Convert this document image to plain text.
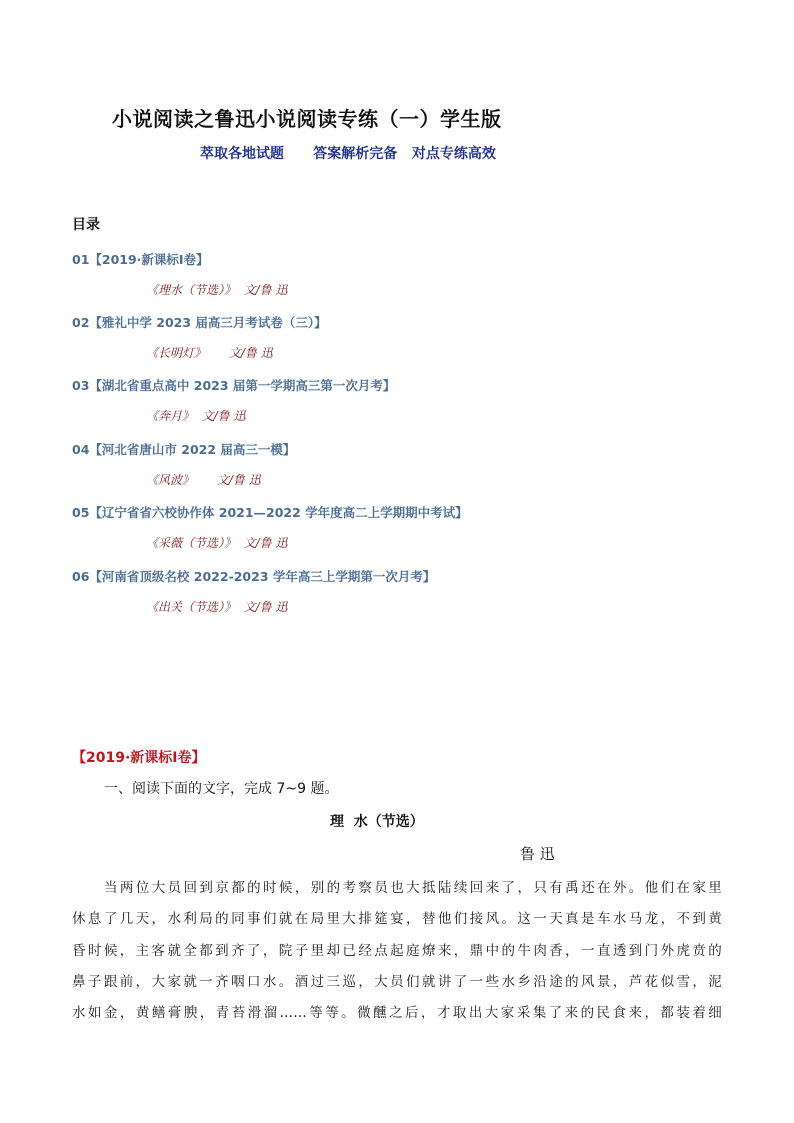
小说阅读之鲁迅小说阅读专练（一）学生版
萃取各地试题      答案解析完备   对点专练高效
目录
01【2019·新课标Ⅰ卷】
《理水（节选）》  文/鲁 迅
02【雅礼中学 2023 届高三月考试卷（三）】
《长明灯》      文/鲁 迅
03【湖北省重点高中 2023 届第一学期高三第一次月考】
《奔月》  文/鲁 迅
04【河北省唐山市 2022 届高三一模】
《风波》      文/鲁 迅
05【辽宁省省六校协作体 2021—2022 学年度高二上学期期中考试】
《采薇（节选）》  文/鲁 迅
06【河南省顶级名校 2022-2023 学年高三上学期第一次月考】
《出关（节选）》  文/鲁 迅
【2019·新课标Ⅰ卷】
一、阅读下面的文字，完成 7~9 题。
理  水（节选）
鲁 迅
当两位大员回到京都的时候，别的考察员也大抵陆续回来了，只有禹还在外。他们在家里
休息了几天，水利局的同事们就在局里大排筵宴，替他们接风。这一天真是车水马龙，不到黄
昏时候，主客就全都到齐了，院子里却已经点起庭燎来，鼎中的牛肉香，一直透到门外虎贲的
鼻子跟前，大家就一齐咽口水。酒过三巡，大员们就讲了一些水乡沿途的风景，芦花似雪，泥
水如金，黄鳝膏腴，青苔滑溜……等等。微醺之后，才取出大家采集了来的民食来，都装着细
